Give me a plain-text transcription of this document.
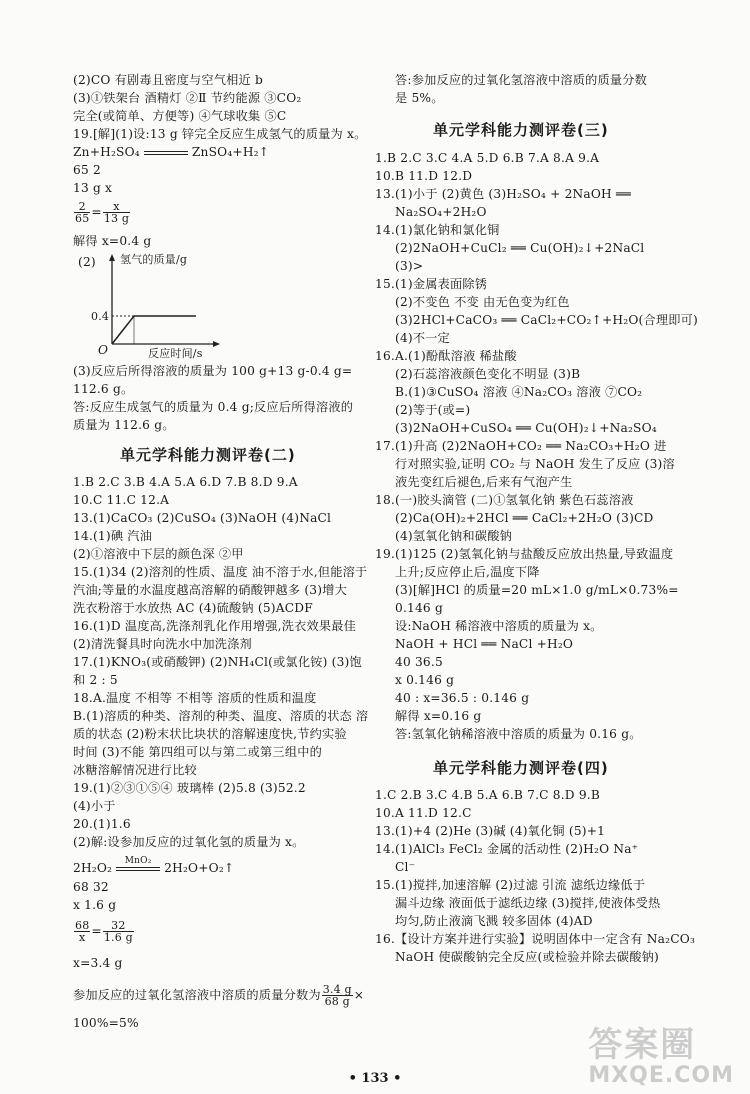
(2)CO 有剧毒且密度与空气相近 b
(3)①铁架台 酒精灯 ②Ⅱ 节约能源 ③CO₂
完全(或简单、方便等) ④气球收集 ⑤C
19.[解](1)设:13 g 锌完全反应生成氢气的质量为 x。
Zn+H₂SO₄	ZnSO₄+H₂↑
65 2
13 g x
$\frac{2}{65} = \frac{x}{13 g}$
解得 x=0.4 g
(2) 氢气的质量/g
0.4
O	反应时间/s
(3)反应后所得溶液的质量为 100 g+13 g-0.4 g=
112.6 g。
答:反应生成氢气的质量为 0.4 g;反应后所得溶液的
质量为 112.6 g。
单元学科能力测评卷(二)
1.B 2.C 3.B 4.A 5.A 6.D 7.B 8.D 9.A
10.C 11.C 12.A
13.(1)CaCO₃ (2)CuSO₄ (3)NaOH (4)NaCl
14.(1)碘 汽油
(2)①溶液中下层的颜色深 ②甲
15.(1)34 (2)溶剂的性质、温度 油不溶于水,但能溶于
汽油;等量的水温度越高溶解的硝酸钾越多 (3)增大
洗衣粉溶于水放热 AC (4)硫酸钠 (5)ACDF
16.(1)D 温度高,洗涤剂乳化作用增强,洗衣效果最佳
(2)清洗餐具时向洗水中加洗涤剂
17.(1)KNO₃(或硝酸钾) (2)NH₄Cl(或氯化铵) (3)饱
和 2 : 5
18.A.温度 不相等 不相等 溶质的性质和温度
B.(1)溶质的种类、溶剂的种类、温度、溶质的状态 溶
质的状态 (2)粉末状比块状的溶解速度快,节约实验
时间 (3)不能 第四组可以与第二或第三组中的
冰糖溶解情况进行比较
19.(1)②③①⑤④ 玻璃棒 (2)5.8 (3)52.2
(4)小于
20.(1)1.6
(2)解:设参加反应的过氧化氢的质量为 x。
2H₂O₂
MnO₂
2H₂O+O₂↑
68 32
x 1.6 g
$\frac{68}{x} = \frac{32}{1.6 g}$
x=3.4 g
参加反应的过氧化氢溶液中溶质的质量分数为 $\frac{3.4 g}{68 g}$ ×
100%=5%
答:参加反应的过氧化氢溶液中溶质的质量分数
是 5%。
单元学科能力测评卷(三)
1.B 2.C 3.C 4.A 5.D 6.B 7.A 8.A 9.A
10.B 11.D 12.D
13.(1)小于 (2)黄色 (3)H₂SO₄ + 2NaOH ══
Na₂SO₄+2H₂O
14.(1)氯化钠和氯化铜
(2)2NaOH+CuCl₂ ══ Cu(OH)₂↓+2NaCl
(3)>
15.(1)金属表面除锈
(2)不变色 不变 由无色变为红色
(3)2HCl+CaCO₃ ══ CaCl₂+CO₂↑+H₂O(合理即可)
(4)不一定
16.A.(1)酚酞溶液 稀盐酸
(2)石蕊溶液颜色变化不明显 (3)B
B.(1)③CuSO₄ 溶液 ④Na₂CO₃ 溶液 ⑦CO₂
(2)等于(或=)
(3)2NaOH+CuSO₄ ══ Cu(OH)₂↓+Na₂SO₄
17.(1)升高 (2)2NaOH+CO₂ ══ Na₂CO₃+H₂O 进
行对照实验,证明 CO₂ 与 NaOH 发生了反应 (3)溶
液先变红后褪色,后来有气泡产生
18.(一)胶头滴管 (二)①氢氧化钠 紫色石蕊溶液
(2)Ca(OH)₂+2HCl ══ CaCl₂+2H₂O (3)CD
(4)氢氧化钠和碳酸钠
19.(1)125 (2)氢氧化钠与盐酸反应放出热量,导致温度
上升;反应停止后,温度下降
(3)[解]HCl 的质量=20 mL×1.0 g/mL×0.73%=
0.146 g
设:NaOH 稀溶液中溶质的质量为 x。
NaOH + HCl ══ NaCl +H₂O
40 36.5
x 0.146 g
40 : x=36.5 : 0.146 g
解得 x=0.16 g
答:氢氧化钠稀溶液中溶质的质量为 0.16 g。
单元学科能力测评卷(四)
1.C 2.B 3.C 4.B 5.A 6.B 7.C 8.D 9.B
10.A 11.D 12.C
13.(1)+4 (2)He (3)碱 (4)氧化铜 (5)+1
14.(1)AlCl₃ FeCl₂ 金属的活动性 (2)H₂O Na⁺
Cl⁻
15.(1)搅拌,加速溶解 (2)过滤 引流 滤纸边缘低于
漏斗边缘 液面低于滤纸边缘 (3)搅拌,使液体受热
均匀,防止液滴飞溅 较多固体 (4)AD
16.【设计方案并进行实验】说明固体中一定含有 Na₂CO₃
NaOH 使碳酸钠完全反应(或检验并除去碳酸钠)
• 133 •
答案圈
MXQE.COM
